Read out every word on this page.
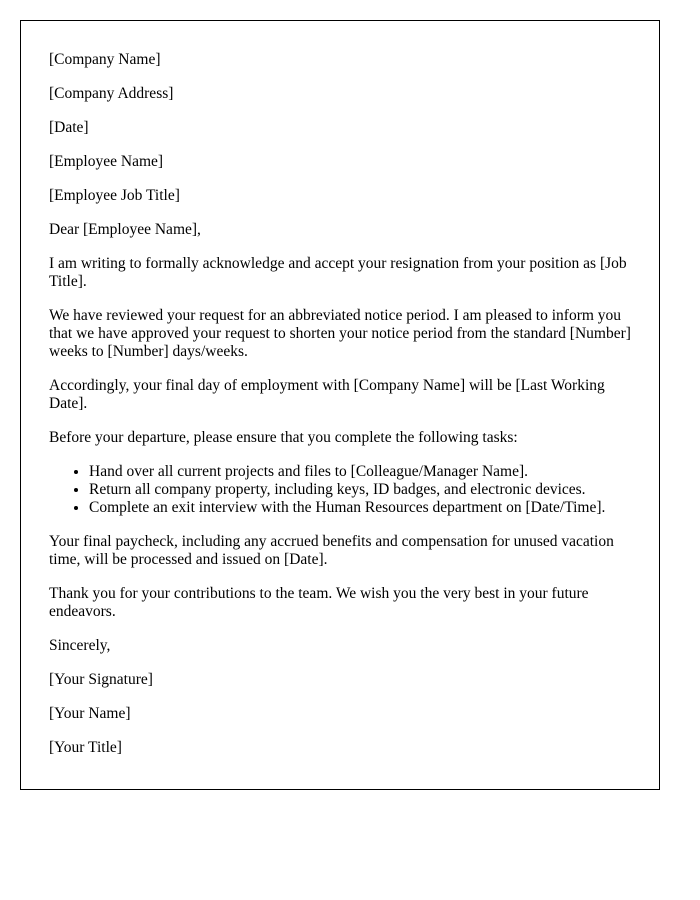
[Company Name]

[Company Address]

[Date]

[Employee Name]

[Employee Job Title]

Dear [Employee Name],

I am writing to formally acknowledge and accept your resignation from your position as [Job Title].

We have reviewed your request for an abbreviated notice period. I am pleased to inform you that we have approved your request to shorten your notice period from the standard [Number] weeks to [Number] days/weeks.

Accordingly, your final day of employment with [Company Name] will be [Last Working Date].

Before your departure, please ensure that you complete the following tasks:

• Hand over all current projects and files to [Colleague/Manager Name].
• Return all company property, including keys, ID badges, and electronic devices.
• Complete an exit interview with the Human Resources department on [Date/Time].

Your final paycheck, including any accrued benefits and compensation for unused vacation time, will be processed and issued on [Date].

Thank you for your contributions to the team. We wish you the very best in your future endeavors.

Sincerely,

[Your Signature]

[Your Name]

[Your Title]
